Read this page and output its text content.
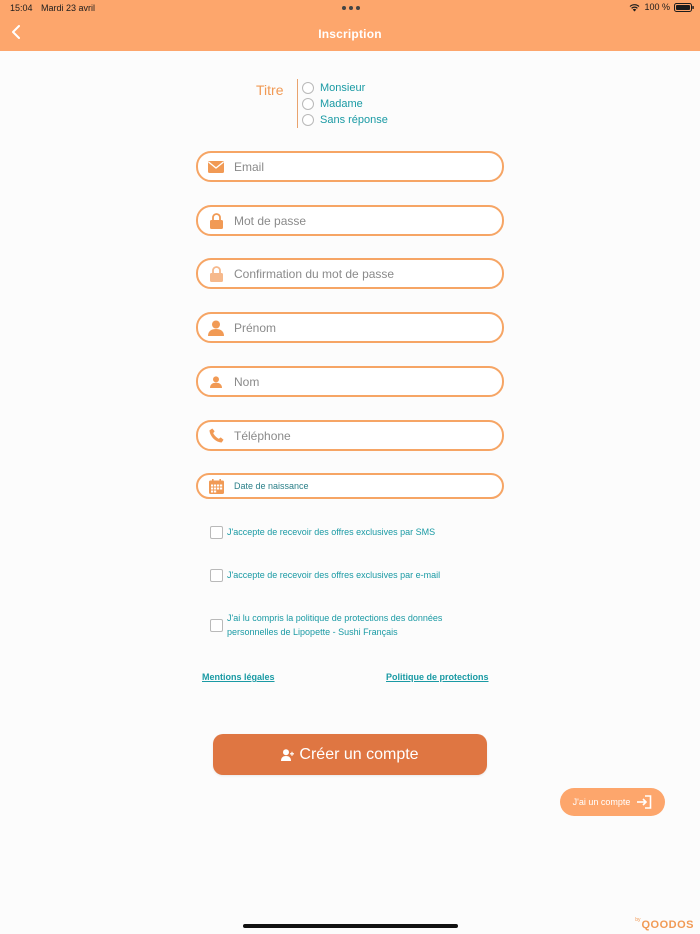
15:04 Mardi 23 avril	100 %
Inscription
Titre	Monsieur
Madame
Sans réponse
Email
Prénom
Nom
Téléphone
Date de naissance
J'accepte de recevoir des offres exclusives par SMS
J'accepte de recevoir des offres exclusives par e-mail
J'ai lu compris la politique de protections des données
personnelles de Lipopette - Sushi Français
Mentions légales	Politique de protections
Créer un compte
J'ai un compte
by QOODOS
